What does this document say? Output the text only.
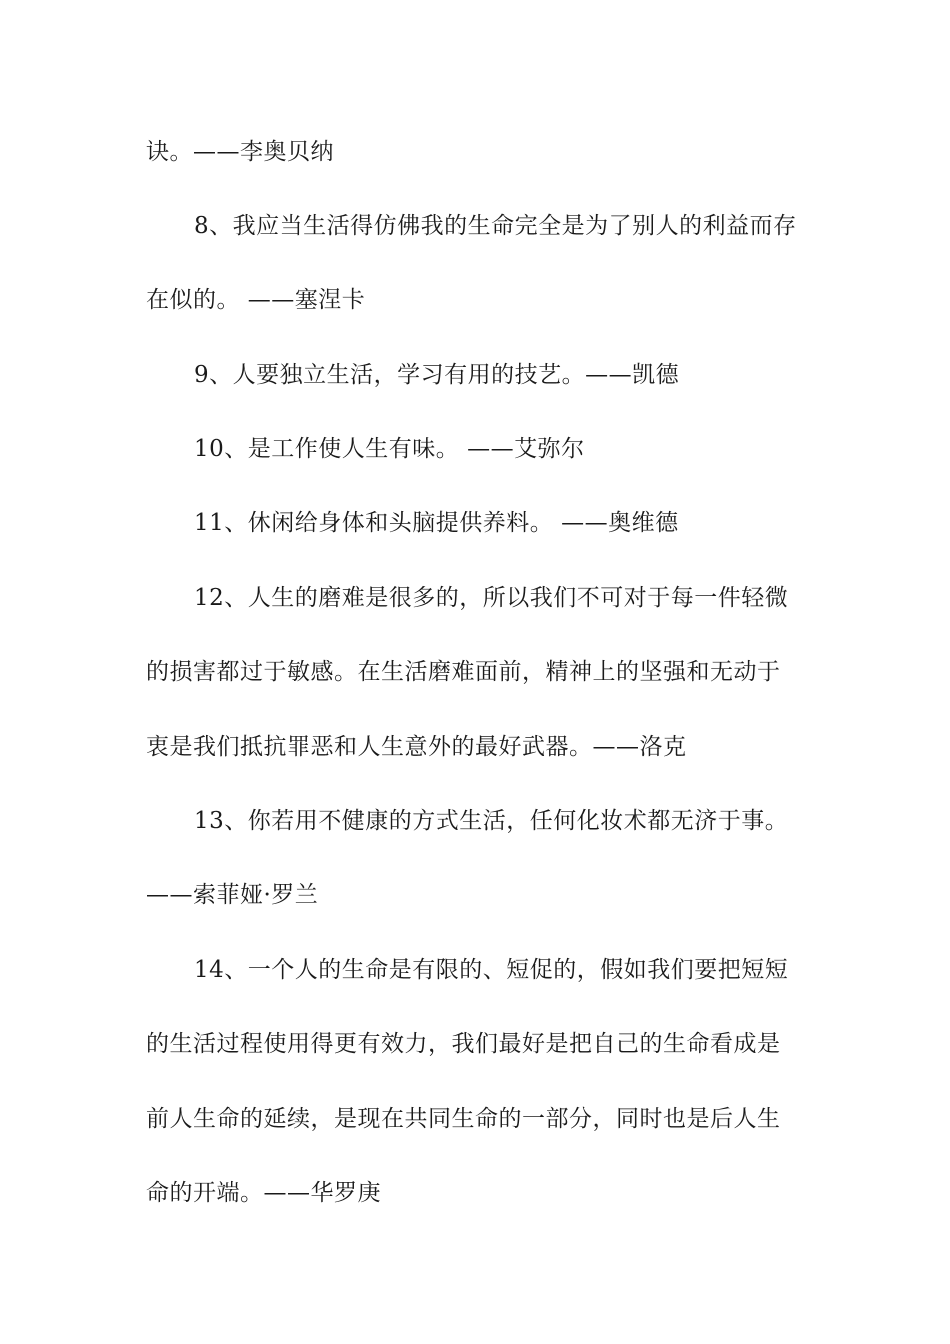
诀。——李奥贝纳
8、我应当生活得仿佛我的生命完全是为了别人的利益而存
在似的。 ——塞涅卡
9、人要独立生活，学习有用的技艺。——凯德
10、是工作使人生有味。 ——艾弥尔
11、休闲给身体和头脑提供养料。 ——奥维德
12、人生的磨难是很多的，所以我们不可对于每一件轻微
的损害都过于敏感。在生活磨难面前，精神上的坚强和无动于
衷是我们抵抗罪恶和人生意外的最好武器。——洛克
13、你若用不健康的方式生活，任何化妆术都无济于事。
——索菲娅·罗兰
14、一个人的生命是有限的、短促的，假如我们要把短短
的生活过程使用得更有效力，我们最好是把自己的生命看成是
前人生命的延续，是现在共同生命的一部分，同时也是后人生
命的开端。——华罗庚
